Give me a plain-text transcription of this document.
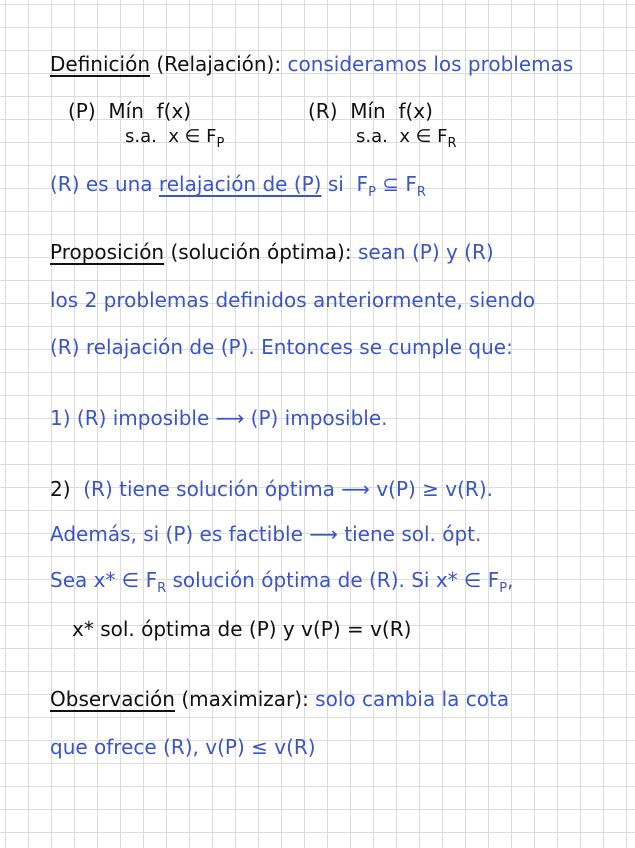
Definición (Relajación): consideramos los problemas
(P) Mín f(x)
s.a. x ∈ $F_P$
(R) Mín f(x)
s.a. x ∈ $F_R$
(R) es una relajación de (P) si $F_P$ ⊆ $F_R$
Proposición (solución óptima): sean (P) y (R)
los 2 problemas definidos anteriormente, siendo
(R) relajación de (P). Entonces se cumple que:
1) (R) imposible ⟶ (P) imposible.
2) (R) tiene solución óptima ⟶ v(P) ≥ v(R).
Además, si (P) es factible ⟶ tiene sol. ópt.
Sea x* ∈ $F_R$ solución óptima de (R). Si x* ∈ $F_P$,
x* sol. óptima de (P) y v(P) = v(R)
Observación (maximizar): solo cambia la cota
que ofrece (R), v(P) ≤ v(R)
